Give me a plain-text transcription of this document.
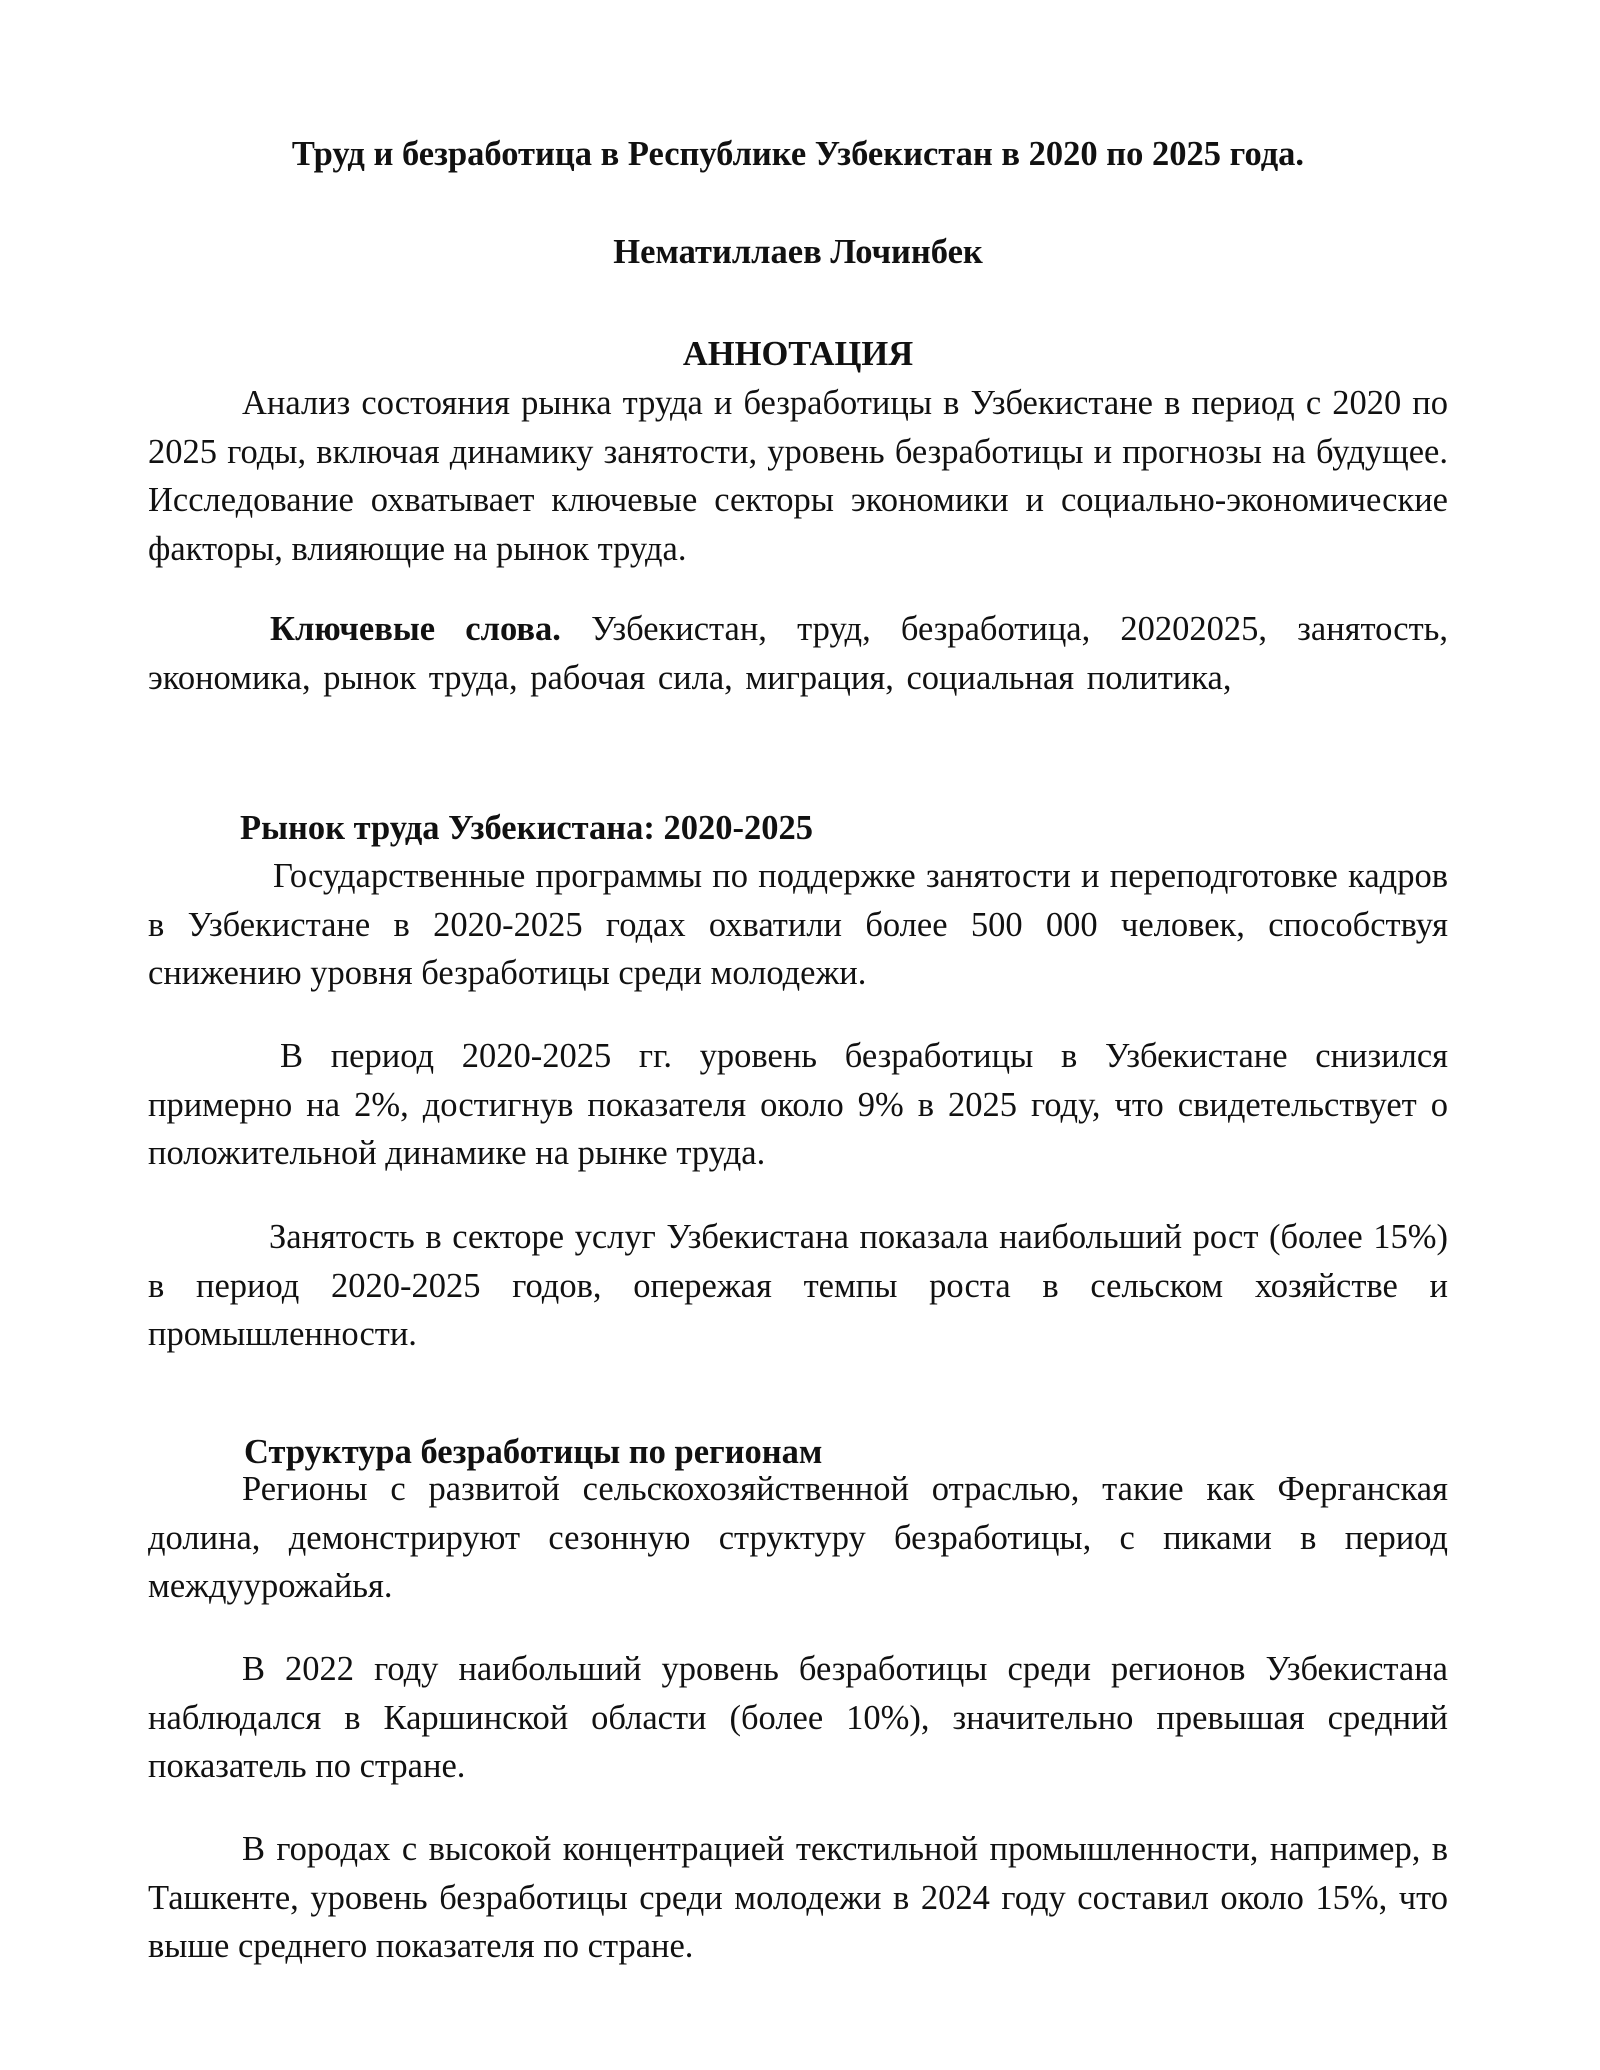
Труд и безработица в Республике Узбекистан в 2020 по 2025 года.
Нематиллаев Лочинбек
АННОТАЦИЯ
Анализ состояния рынка труда и безработицы в Узбекистане в период с 2020 по 2025 годы, включая динамику занятости, уровень безработицы и прогнозы на будущее. Исследование охватывает ключевые секторы экономики и социально-экономические факторы, влияющие на рынок труда.
Ключевые слова. Узбекистан, труд, безработица, 20202025, занятость, экономика, рынок труда, рабочая сила, миграция, социальная политика,
Рынок труда Узбекистана: 2020-2025
Государственные программы по поддержке занятости и переподготовке кадров в Узбекистане в 2020-2025 годах охватили более 500 000 человек, способствуя снижению уровня безработицы среди молодежи.
В период 2020-2025 гг. уровень безработицы в Узбекистане снизился примерно на 2%, достигнув показателя около 9% в 2025 году, что свидетельствует о положительной динамике на рынке труда.
Занятость в секторе услуг Узбекистана показала наибольший рост (более 15%) в период 2020-2025 годов, опережая темпы роста в сельском хозяйстве и промышленности.
Структура безработицы по регионам
Регионы с развитой сельскохозяйственной отраслью, такие как Ферганская долина, демонстрируют сезонную структуру безработицы, с пиками в период междуурожайья.
В 2022 году наибольший уровень безработицы среди регионов Узбекистана наблюдался в Каршинской области (более 10%), значительно превышая средний показатель по стране.
В городах с высокой концентрацией текстильной промышленности, например, в Ташкенте, уровень безработицы среди молодежи в 2024 году составил около 15%, что выше среднего показателя по стране.
